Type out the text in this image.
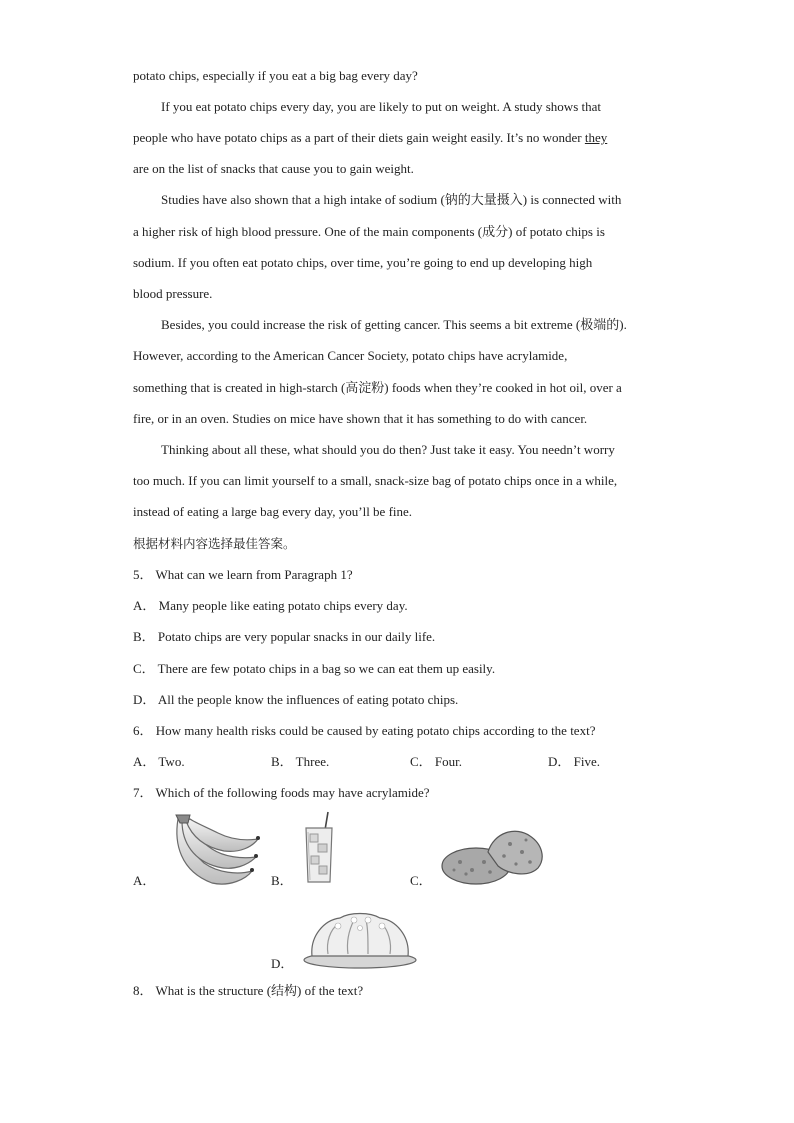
potato chips, especially if you eat a big bag every day?
If you eat potato chips every day, you are likely to put on weight. A study shows that
people who have potato chips as a part of their diets gain weight easily. It’s no wonder they
are on the list of snacks that cause you to gain weight.
Studies have also shown that a high intake of sodium (钠的大量摄入) is connected with
a higher risk of high blood pressure. One of the main components (成分) of potato chips is
sodium. If you often eat potato chips, over time, you’re going to end up developing high
blood pressure.
Besides, you could increase the risk of getting cancer. This seems a bit extreme (极端的).
However, according to the American Cancer Society, potato chips have acrylamide,
something that is created in high-starch (高淀粉) foods when they’re cooked in hot oil, over a
fire, or in an oven. Studies on mice have shown that it has something to do with cancer.
Thinking about all these, what should you do then? Just take it easy. You needn’t worry
too much. If you can limit yourself to a small, snack-size bag of potato chips once in a while,
instead of eating a large bag every day, you’ll be fine.
根据材料内容选择最佳答案。
5． What can we learn from Paragraph 1?
A． Many people like eating potato chips every day.
B． Potato chips are very popular snacks in our daily life.
C． There are few potato chips in a bag so we can eat them up easily.
D． All the people know the influences of eating potato chips.
6． How many health risks could be caused by eating potato chips according to the text?
A． Two.	B． Three.	C． Four.	D． Five.
7． Which of the following foods may have acrylamide?
A．	B．	C．
D．
8． What is the structure (结构) of the text?
